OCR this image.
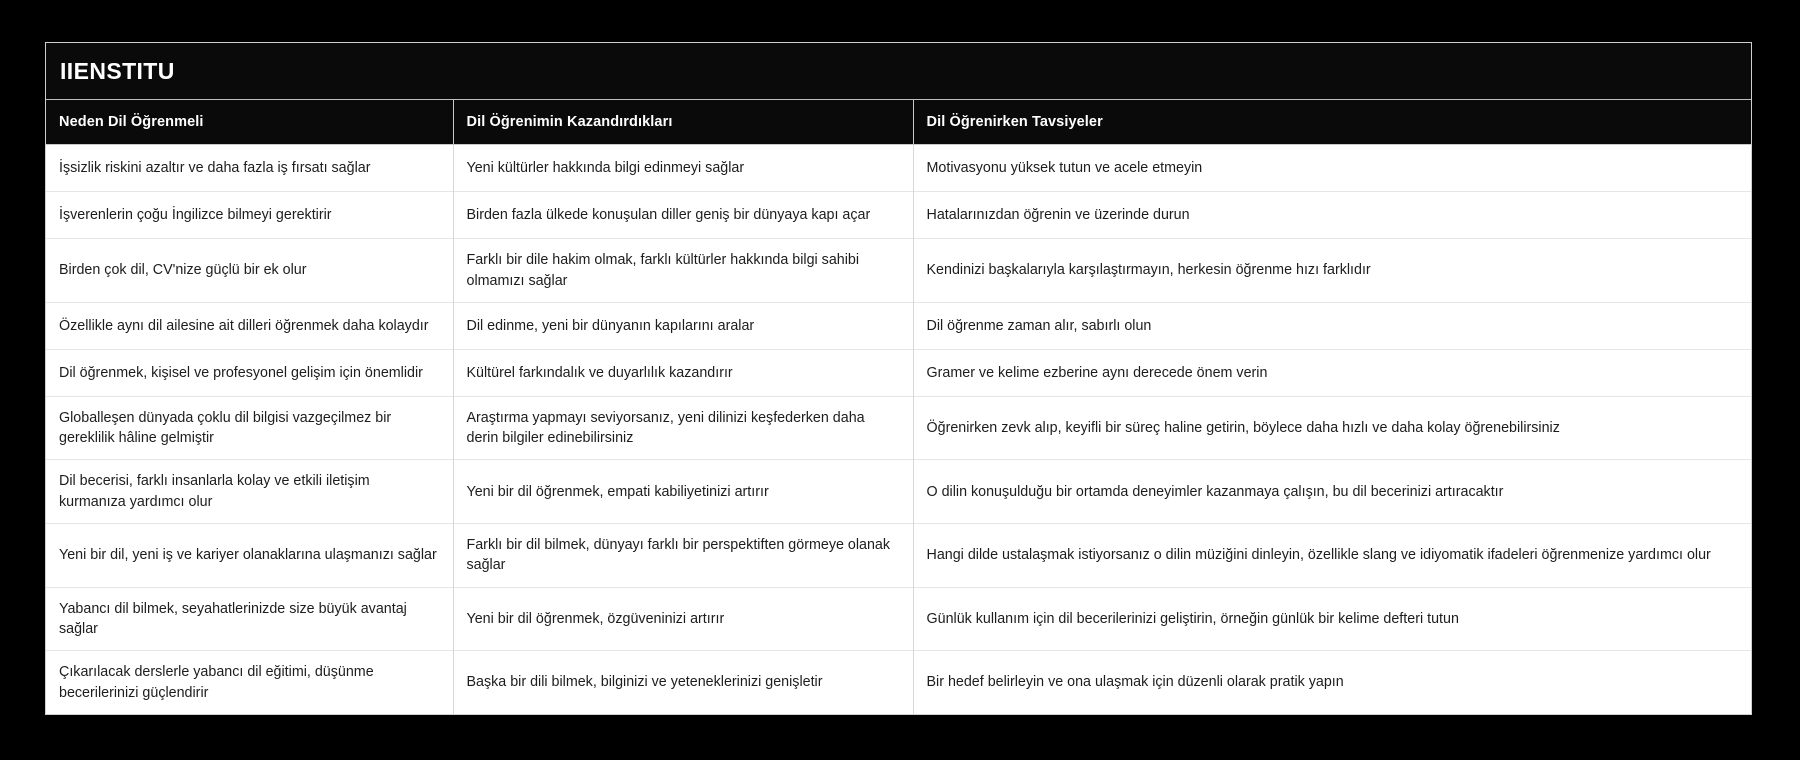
IIENSTITU
Neden Dil Öğrenmeli	Dil Öğrenimin Kazandırdıkları	Dil Öğrenirken Tavsiyeler
İşsizlik riskini azaltır ve daha fazla iş fırsatı sağlar	Yeni kültürler hakkında bilgi edinmeyi sağlar	Motivasyonu yüksek tutun ve acele etmeyin
İşverenlerin çoğu İngilizce bilmeyi gerektirir	Birden fazla ülkede konuşulan diller geniş bir dünyaya kapı açar	Hatalarınızdan öğrenin ve üzerinde durun
Birden çok dil, CV'nize güçlü bir ek olur	Farklı bir dile hakim olmak, farklı kültürler hakkında bilgi sahibi olmamızı sağlar	Kendinizi başkalarıyla karşılaştırmayın, herkesin öğrenme hızı farklıdır
Özellikle aynı dil ailesine ait dilleri öğrenmek daha kolaydır	Dil edinme, yeni bir dünyanın kapılarını aralar	Dil öğrenme zaman alır, sabırlı olun
Dil öğrenmek, kişisel ve profesyonel gelişim için önemlidir	Kültürel farkındalık ve duyarlılık kazandırır	Gramer ve kelime ezberine aynı derecede önem verin
Globalleşen dünyada çoklu dil bilgisi vazgeçilmez bir gereklilik hâline gelmiştir	Araştırma yapmayı seviyorsanız, yeni dilinizi keşfederken daha derin bilgiler edinebilirsiniz	Öğrenirken zevk alıp, keyifli bir süreç haline getirin, böylece daha hızlı ve daha kolay öğrenebilirsiniz
Dil becerisi, farklı insanlarla kolay ve etkili iletişim kurmanıza yardımcı olur	Yeni bir dil öğrenmek, empati kabiliyetinizi artırır	O dilin konuşulduğu bir ortamda deneyimler kazanmaya çalışın, bu dil becerinizi artıracaktır
Yeni bir dil, yeni iş ve kariyer olanaklarına ulaşmanızı sağlar	Farklı bir dil bilmek, dünyayı farklı bir perspektiften görmeye olanak sağlar	Hangi dilde ustalaşmak istiyorsanız o dilin müziğini dinleyin, özellikle slang ve idiyomatik ifadeleri öğrenmenize yardımcı olur
Yabancı dil bilmek, seyahatlerinizde size büyük avantaj sağlar	Yeni bir dil öğrenmek, özgüveninizi artırır	Günlük kullanım için dil becerilerinizi geliştirin, örneğin günlük bir kelime defteri tutun
Çıkarılacak derslerle yabancı dil eğitimi, düşünme becerilerinizi güçlendirir	Başka bir dili bilmek, bilginizi ve yeteneklerinizi genişletir	Bir hedef belirleyin ve ona ulaşmak için düzenli olarak pratik yapın
